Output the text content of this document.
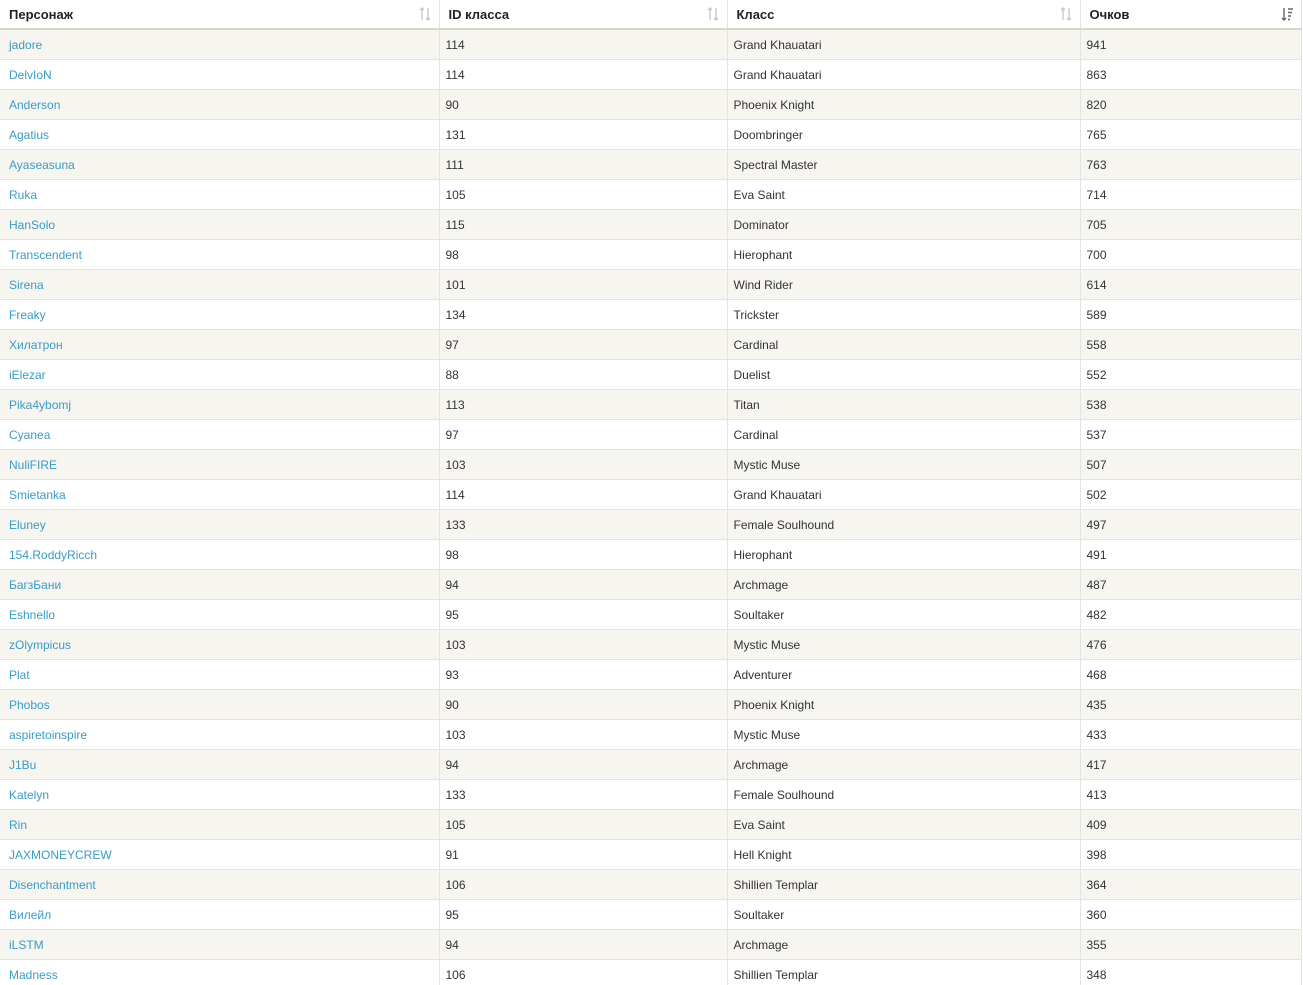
Персонаж	ID класса	Класс	Очков

jadore	114	Grand Khauatari	941
DelvIoN	114	Grand Khauatari	863
Anderson	90	Phoenix Knight	820
Agatius	131	Doombringer	765
Ayaseasuna	111	Spectral Master	763
Ruka	105	Eva Saint	714
HanSolo	115	Dominator	705
Transcendent	98	Hierophant	700
Sirena	101	Wind Rider	614
Freaky	134	Trickster	589
Хилатрон	97	Cardinal	558
iElezar	88	Duelist	552
Pika4ybomj	113	Titan	538
Cyanea	97	Cardinal	537
NuliFIRE	103	Mystic Muse	507
Smietanka	114	Grand Khauatari	502
Eluney	133	Female Soulhound	497
154.RoddyRicch	98	Hierophant	491
БагзБани	94	Archmage	487
Eshnello	95	Soultaker	482
zOlympicus	103	Mystic Muse	476
Plat	93	Adventurer	468
Phobos	90	Phoenix Knight	435
aspiretoinspire	103	Mystic Muse	433
J1Bu	94	Archmage	417
Katelyn	133	Female Soulhound	413
Rin	105	Eva Saint	409
JAXMONEYCREW	91	Hell Knight	398
Disenchantment	106	Shillien Templar	364
Вилейл	95	Soultaker	360
iLSTM	94	Archmage	355
Madness	106	Shillien Templar	348
